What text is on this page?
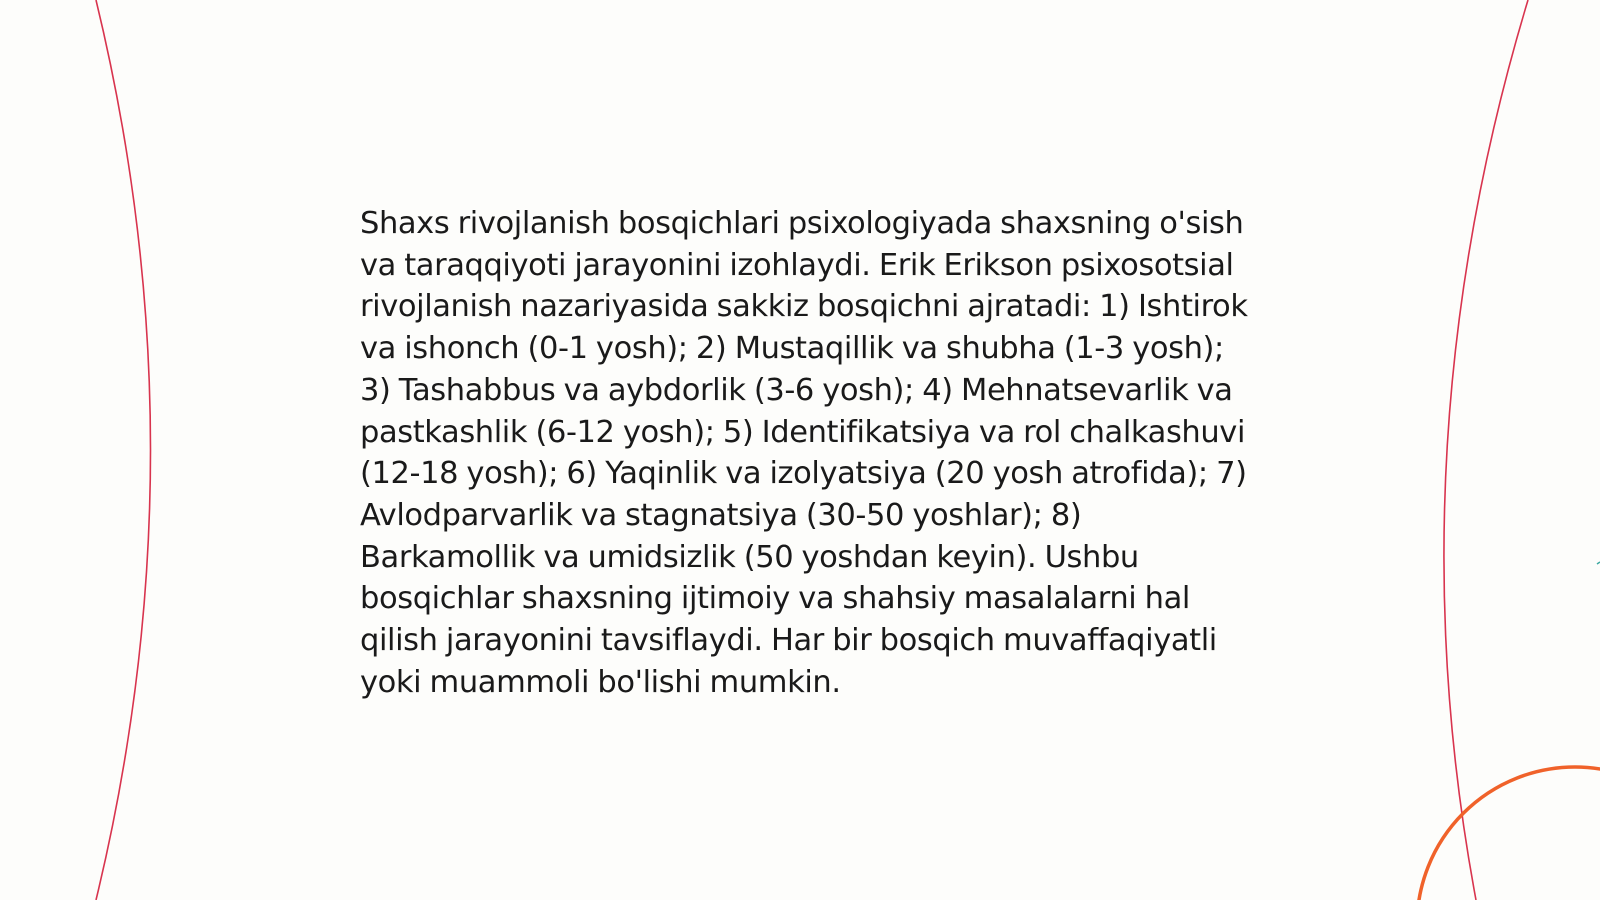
Shaxs rivojlanish bosqichlari psixologiyada shaxsning o'sish va taraqqiyoti jarayonini izohlaydi. Erik Erikson psixosotsial rivojlanish nazariyasida sakkiz bosqichni ajratadi: 1) Ishtirok va ishonch (0-1 yosh); 2) Mustaqillik va shubha (1-3 yosh); 3) Tashabbus va aybdorlik (3-6 yosh); 4) Mehnatsevarlik va pastkashlik (6-12 yosh); 5) Identifikatsiya va rol chalkashuvi (12-18 yosh); 6) Yaqinlik va izolyatsiya (20 yosh atrofida); 7) Avlodparvarlik va stagnatsiya (30-50 yoshlar); 8) Barkamollik va umidsizlik (50 yoshdan keyin). Ushbu bosqichlar shaxsning ijtimoiy va shahsiy masalalarni hal qilish jarayonini tavsiflaydi. Har bir bosqich muvaffaqiyatli yoki muammoli bo'lishi mumkin.
